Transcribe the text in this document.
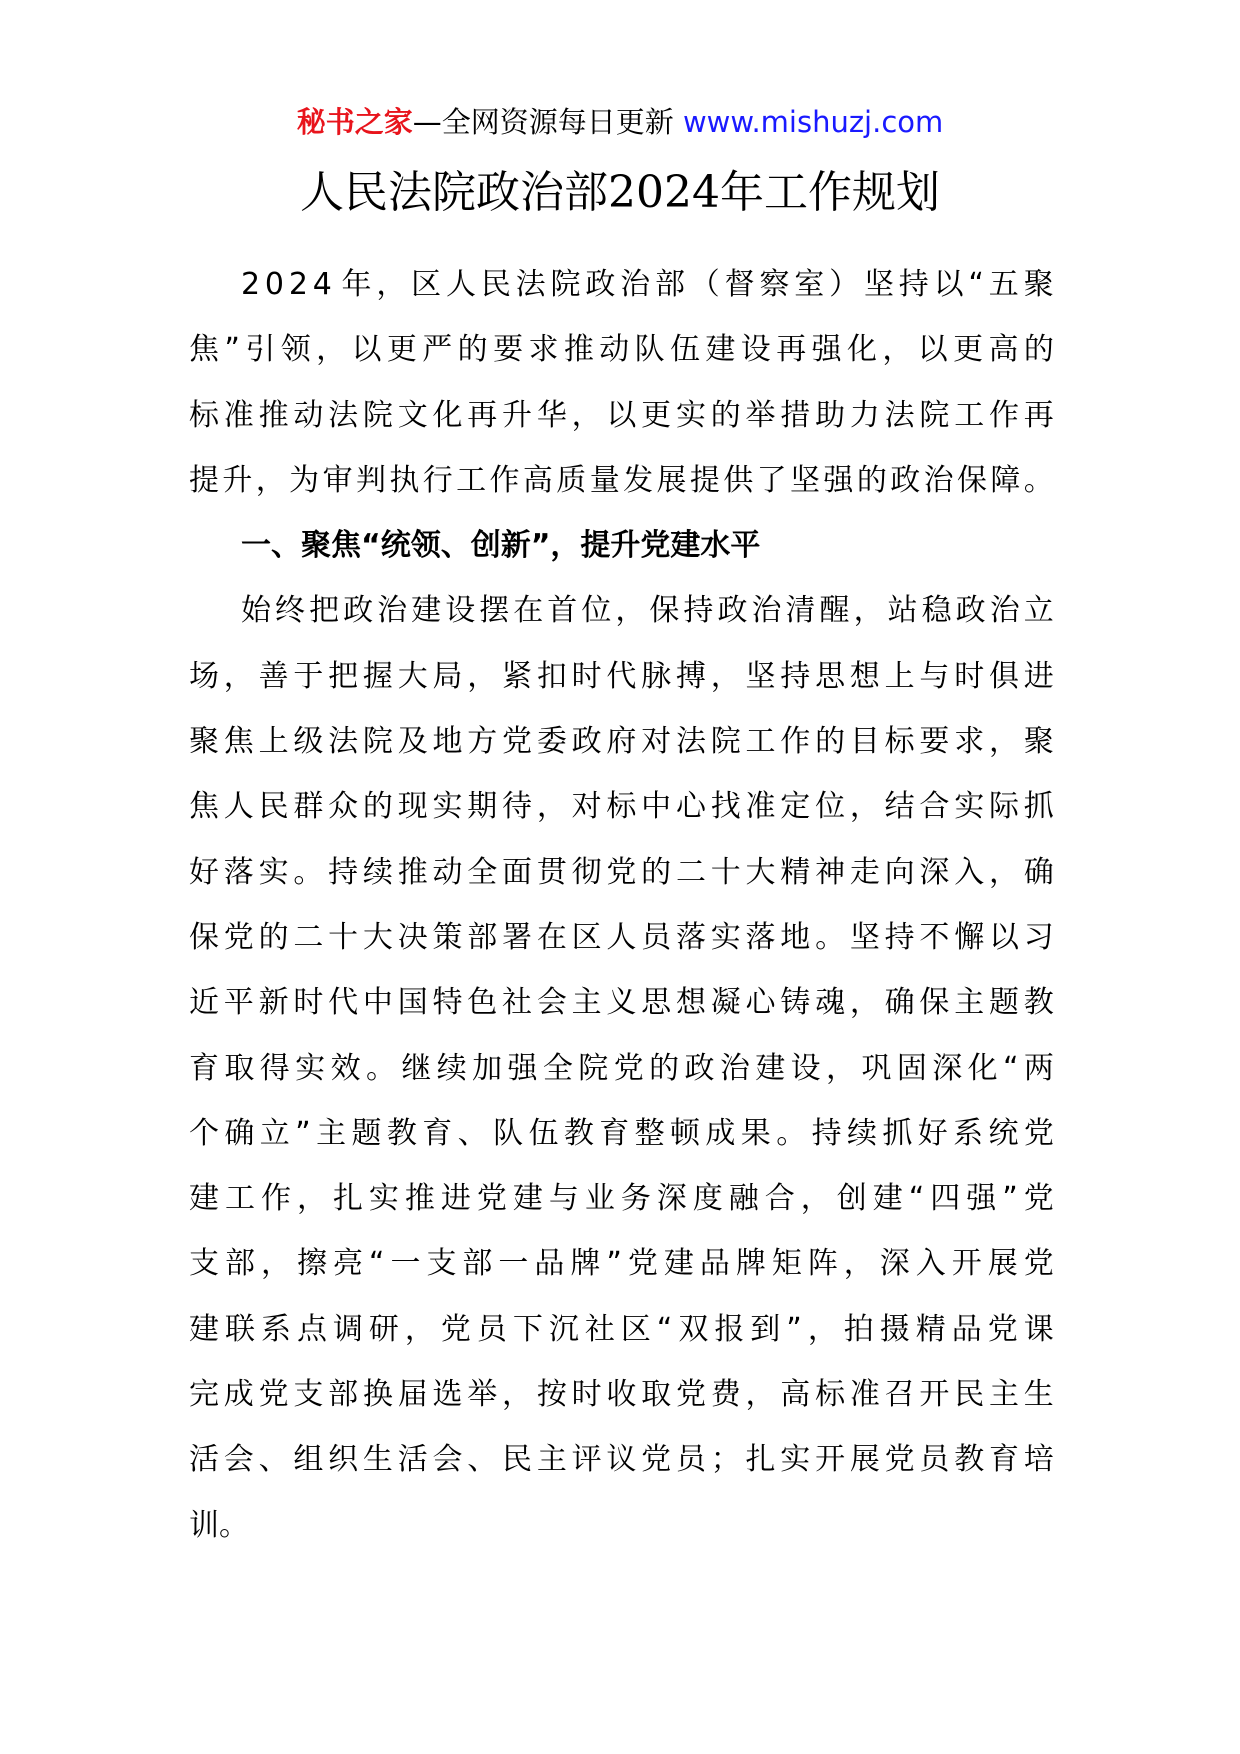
秘书之家—全网资源每日更新 www.mishuzj.com
人民法院政治部2024年工作规划
2 0 2 4 年 ， 区 人 民 法 院 政 治 部 （ 督 察 室 ） 坚 持 以 “ 五 聚
焦 ” 引 领 ， 以 更 严 的 要 求 推 动 队 伍 建 设 再 强 化 ， 以 更 高 的
标 准 推 动 法 院 文 化 再 升 华 ， 以 更 实 的 举 措 助 力 法 院 工 作 再
提 升 ， 为 审 判 执 行 工 作 高 质 量 发 展 提 供 了 坚 强 的 政 治 保 障 。
一、聚焦“统领、创新”，提升党建水平
始 终 把 政 治 建 设 摆 在 首 位 ， 保 持 政 治 清 醒 ， 站 稳 政 治 立
场 ， 善 于 把 握 大 局 ， 紧 扣 时 代 脉 搏 ， 坚 持 思 想 上 与 时 俱 进
聚 焦 上 级 法 院 及 地 方 党 委 政 府 对 法 院 工 作 的 目 标 要 求 ， 聚
焦 人 民 群 众 的 现 实 期 待 ， 对 标 中 心 找 准 定 位 ， 结 合 实 际 抓
好 落 实 。 持 续 推 动 全 面 贯 彻 党 的 二 十 大 精 神 走 向 深 入 ， 确
保 党 的 二 十 大 决 策 部 署 在 区 人 员 落 实 落 地 。 坚 持 不 懈 以 习
近 平 新 时 代 中 国 特 色 社 会 主 义 思 想 凝 心 铸 魂 ， 确 保 主 题 教
育 取 得 实 效 。 继 续 加 强 全 院 党 的 政 治 建 设 ， 巩 固 深 化 “ 两
个 确 立 ” 主 题 教 育 、 队 伍 教 育 整 顿 成 果 。 持 续 抓 好 系 统 党
建 工 作 ， 扎 实 推 进 党 建 与 业 务 深 度 融 合 ， 创 建 “ 四 强 ” 党
支 部 ， 擦 亮 “ 一 支 部 一 品 牌 ” 党 建 品 牌 矩 阵 ， 深 入 开 展 党
建 联 系 点 调 研 ， 党 员 下 沉 社 区 “ 双 报 到 ” ， 拍 摄 精 品 党 课
完 成 党 支 部 换 届 选 举 ， 按 时 收 取 党 费 ， 高 标 准 召 开 民 主 生
活 会 、 组 织 生 活 会 、 民 主 评 议 党 员 ； 扎 实 开 展 党 员 教 育 培
训。
